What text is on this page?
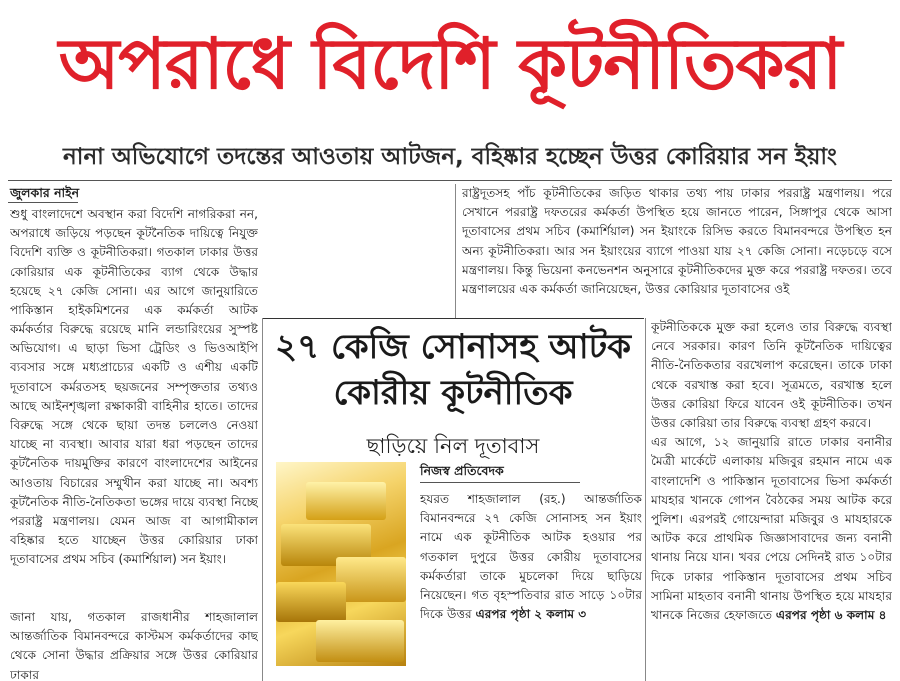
অপরাধে বিদেশি কূটনীতিকরা
নানা অভিযোগে তদন্তের আওতায় আটজন, বহিষ্কার হচ্ছেন উত্তর কোরিয়ার সন ইয়াং
জুলকার নাইন

শুধু বাংলাদেশে অবস্থান করা বিদেশি নাগরিকরা নন, অপরাধে জড়িয়ে পড়ছেন কূটনৈতিক দায়িত্বে নিযুক্ত বিদেশি ব্যক্তি ও কূটনীতিকরা। গতকাল ঢাকার উত্তর কোরিয়ার এক কূটনীতিকের ব্যাগ থেকে উদ্ধার হয়েছে ২৭ কেজি সোনা। এর আগে জানুয়ারিতে পাকিস্তান হাইকমিশনের এক কর্মকর্তা আটক

কর্মকর্তার বিরুদ্ধে রয়েছে মানি লন্ডারিংয়ের সুস্পষ্ট অভিযোগ। এ ছাড়া ভিসা ট্রেডিং ও ভিওআইপি ব্যবসার সঙ্গে মধ্যপ্রাচ্যের একটি ও এশীয় একটি দূতাবাসে কর্মরতসহ ছয়জনের সম্পৃক্ততার তথ্যও আছে আইনশৃঙ্খলা রক্ষাকারী বাহিনীর হাতে। তাদের বিরুদ্ধে সঙ্গে থেকে ছায়া তদন্ত চললেও নেওয়া যাচ্ছে না ব্যবস্থা। আবার যারা ধরা পড়ছেন তাদের কূটনৈতিক দায়মুক্তির কারণে বাংলাদেশের আইনের আওতায় বিচারের সম্মুখীন করা যাচ্ছে না। অবশ্য কূটনৈতিক নীতি-নৈতিকতা ভঙ্গের দায়ে ব্যবস্থা নিচ্ছে পররাষ্ট্র মন্ত্রণালয়। যেমন আজ বা আগামীকাল বহিষ্কার হতে যাচ্ছেন উত্তর কোরিয়ার ঢাকা দূতাবাসের প্রথম সচিব (কমার্শিয়াল) সন ইয়াং।

জানা যায়, গতকাল রাজধানীর শাহজালাল আন্তর্জাতিক বিমানবন্দরে কাস্টমস কর্মকর্তাদের কাছ থেকে সোনা উদ্ধার প্রক্রিয়ার সঙ্গে উত্তর কোরিয়ার ঢাকার

রাষ্ট্রদূতসহ পাঁচ কূটনীতিকের জড়িত থাকার তথ্য পায় ঢাকার পররাষ্ট্র মন্ত্রণালয়। পরে সেখানে পররাষ্ট্র দফতরের কর্মকর্তা উপস্থিত হয়ে জানতে পারেন, সিঙ্গাপুর থেকে আসা দূতাবাসের প্রথম সচিব (কমার্শিয়াল) সন ইয়াংকে রিসিভ করতে বিমানবন্দরে উপস্থিত হন অন্য কূটনীতিকরা। আর সন ইয়াংয়ের ব্যাগে পাওয়া যায় ২৭ কেজি সোনা। নড়েচড়ে বসে মন্ত্রণালয়। কিন্তু ভিয়েনা কনভেনশন অনুসারে কূটনীতিকদের মুক্ত করে পররাষ্ট্র দফতর। তবে মন্ত্রণালয়ের এক কর্মকর্তা জানিয়েছেন, উত্তর কোরিয়ার দূতাবাসের ওই

কূটনীতিককে মুক্ত করা হলেও তার বিরুদ্ধে ব্যবস্থা নেবে সরকার। কারণ তিনি কূটনৈতিক দায়িত্বের নীতি-নৈতিকতার বরখেলাপ করেছেন। তাকে ঢাকা থেকে বরখাস্ত করা হবে। সূত্রমতে, বরখাস্ত হলে উত্তর কোরিয়া ফিরে যাবেন ওই কূটনীতিক। তখন উত্তর কোরিয়া তার বিরুদ্ধে ব্যবস্থা গ্রহণ করবে।

এর আগে, ১২ জানুয়ারি রাতে ঢাকার বনানীর মৈত্রী মার্কেটে এলাকায় মজিবুর রহমান নামে এক বাংলাদেশি ও পাকিস্তান দূতাবাসের ভিসা কর্মকর্তা মাযহার খানকে গোপন বৈঠকের সময় আটক করে পুলিশ। এরপরই গোয়েন্দারা মজিবুর ও মাযহারকে আটক করে প্রাথমিক জিজ্ঞাসাবাদের জন্য বনানী থানায় নিয়ে যান। খবর পেয়ে সেদিনই রাত ১০টার দিকে ঢাকার পাকিস্তান দূতাবাসের প্রথম সচিব সামিনা মাহতাব বনানী থানায় উপস্থিত হয়ে মাযহার খানকে নিজের হেফাজতে এরপর পৃষ্ঠা ৬ কলাম ৪

২৭ কেজি সোনাসহ আটক
কোরীয় কূটনীতিক
ছাড়িয়ে নিল দূতাবাস
নিজস্ব প্রতিবেদক

হযরত শাহজালাল (রহ.) আন্তর্জাতিক বিমানবন্দরে ২৭ কেজি সোনাসহ সন ইয়াং নামে এক কূটনীতিক আটক হওয়ার পর গতকাল দুপুরে উত্তর কোরীয় দূতাবাসের কর্মকর্তারা তাকে মুচলেকা দিয়ে ছাড়িয়ে নিয়েছেন। গত বৃহস্পতিবার রাত সাড়ে ১০টার দিকে উত্তর এরপর পৃষ্ঠা ২ কলাম ৩
